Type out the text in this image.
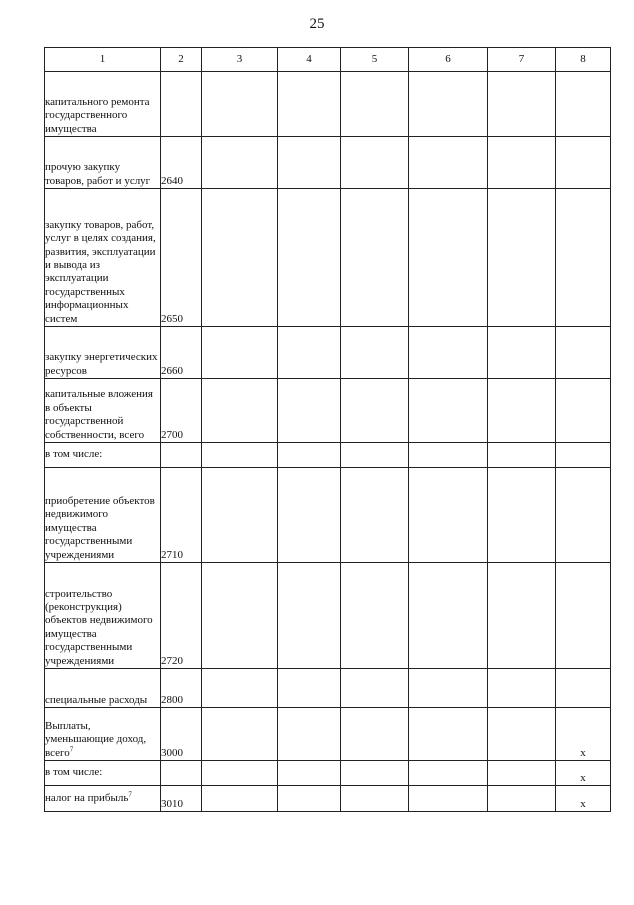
25
1	2	3	4	5	6	7	8
капитального ремонта государственного имущества							
прочую закупку товаров, работ и услуг	2640						
закупку товаров, работ, услуг в целях создания, развития, эксплуатации и вывода из эксплуатации государственных информационных систем	2650						
закупку энергетических ресурсов	2660						
капитальные вложения в объекты государственной собственности, всего	2700						
в том числе:							
приобретение объектов недвижимого имущества государственными учреждениями	2710						
строительство (реконструкция) объектов недвижимого имущества государственными учреждениями	2720						
специальные расходы	2800						
Выплаты, уменьшающие доход, всего$^7$	3000						x
в том числе:							x
налог на прибыль$^7$	3010						x
